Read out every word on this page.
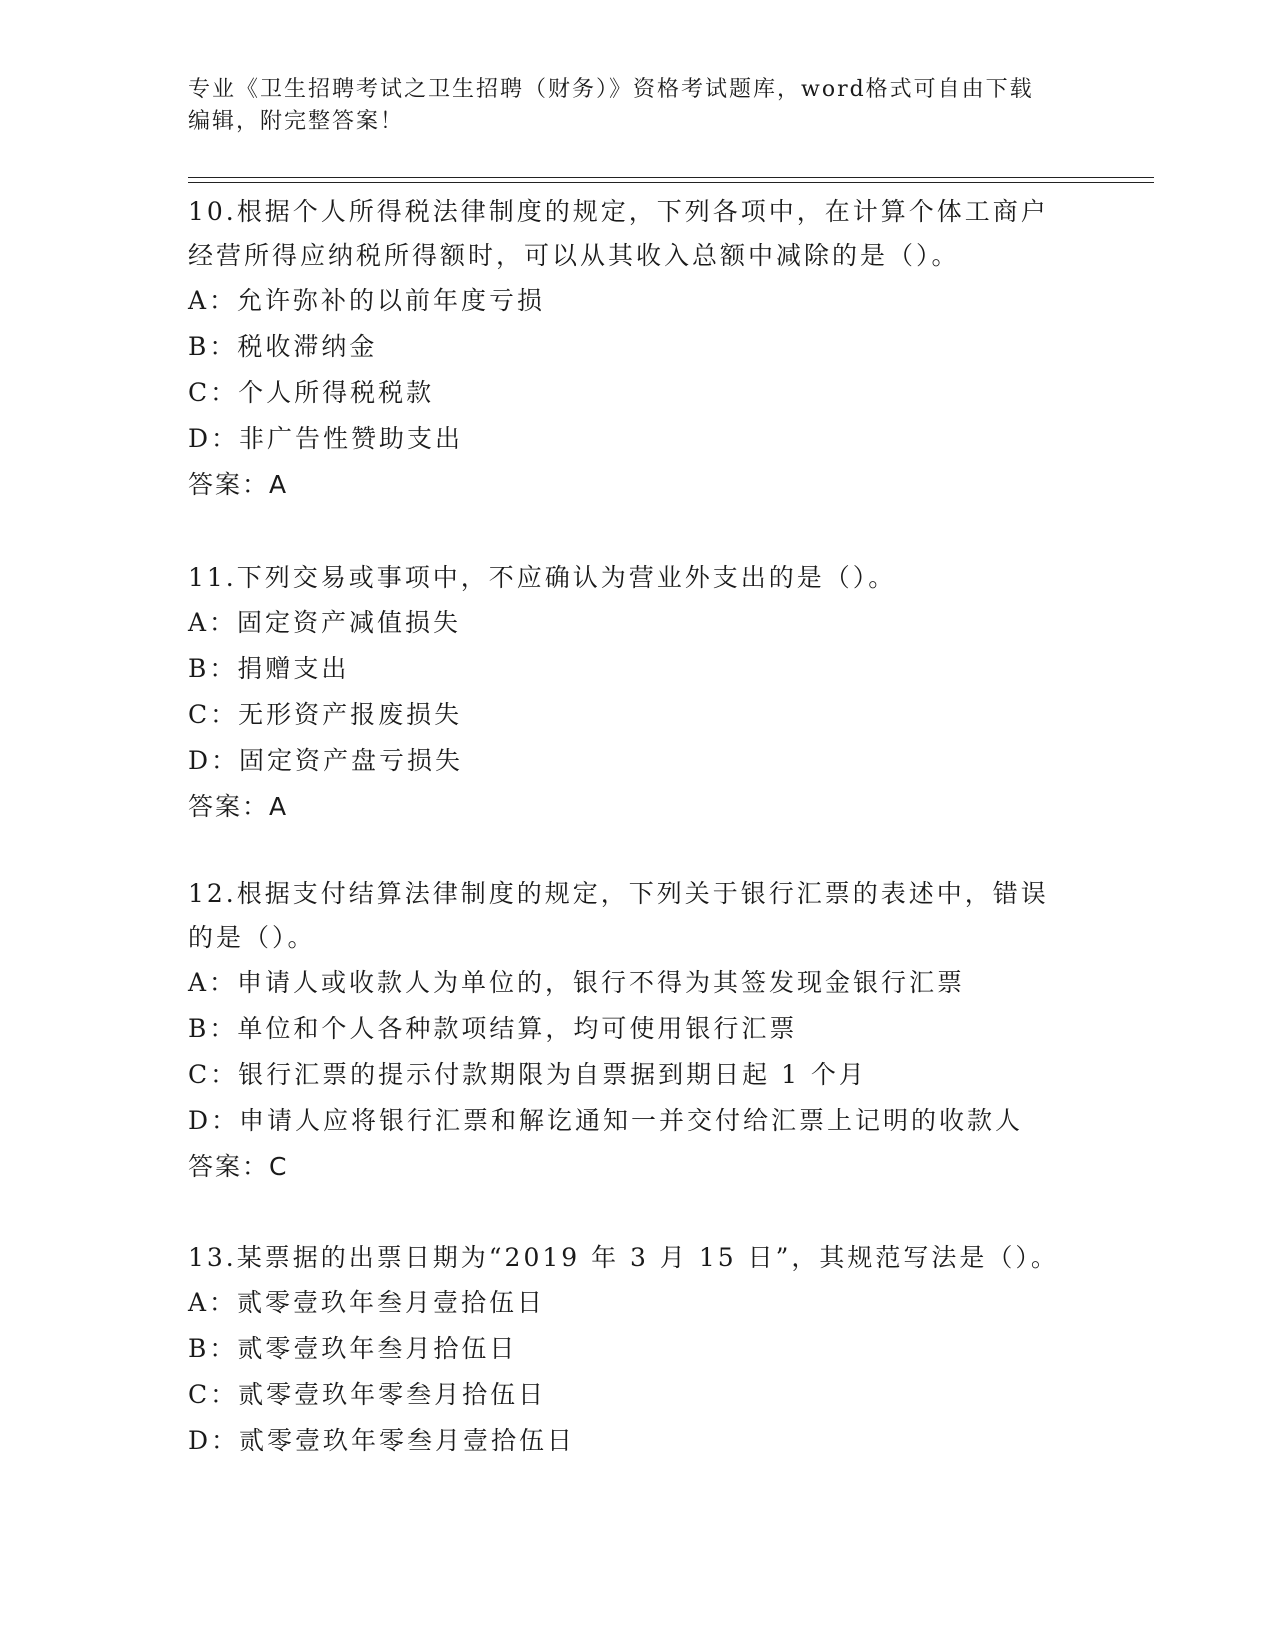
专业《卫生招聘考试之卫生招聘（财务）》资格考试题库，word格式可自由下载
编辑，附完整答案！
10.根据个人所得税法律制度的规定，下列各项中，在计算个体工商户
经营所得应纳税所得额时，可以从其收入总额中减除的是（）。
A：允许弥补的以前年度亏损
B：税收滞纳金
C：个人所得税税款
D：非广告性赞助支出
答案：A
11.下列交易或事项中，不应确认为营业外支出的是（）。
A：固定资产减值损失
B：捐赠支出
C：无形资产报废损失
D：固定资产盘亏损失
答案：A
12.根据支付结算法律制度的规定，下列关于银行汇票的表述中，错误
的是（）。
A：申请人或收款人为单位的，银行不得为其签发现金银行汇票
B：单位和个人各种款项结算，均可使用银行汇票
C：银行汇票的提示付款期限为自票据到期日起 1 个月
D：申请人应将银行汇票和解讫通知一并交付给汇票上记明的收款人
答案：C
13.某票据的出票日期为“2019 年 3 月 15 日”，其规范写法是（）。
A：贰零壹玖年叁月壹拾伍日
B：贰零壹玖年叁月拾伍日
C：贰零壹玖年零叁月拾伍日
D：贰零壹玖年零叁月壹拾伍日
